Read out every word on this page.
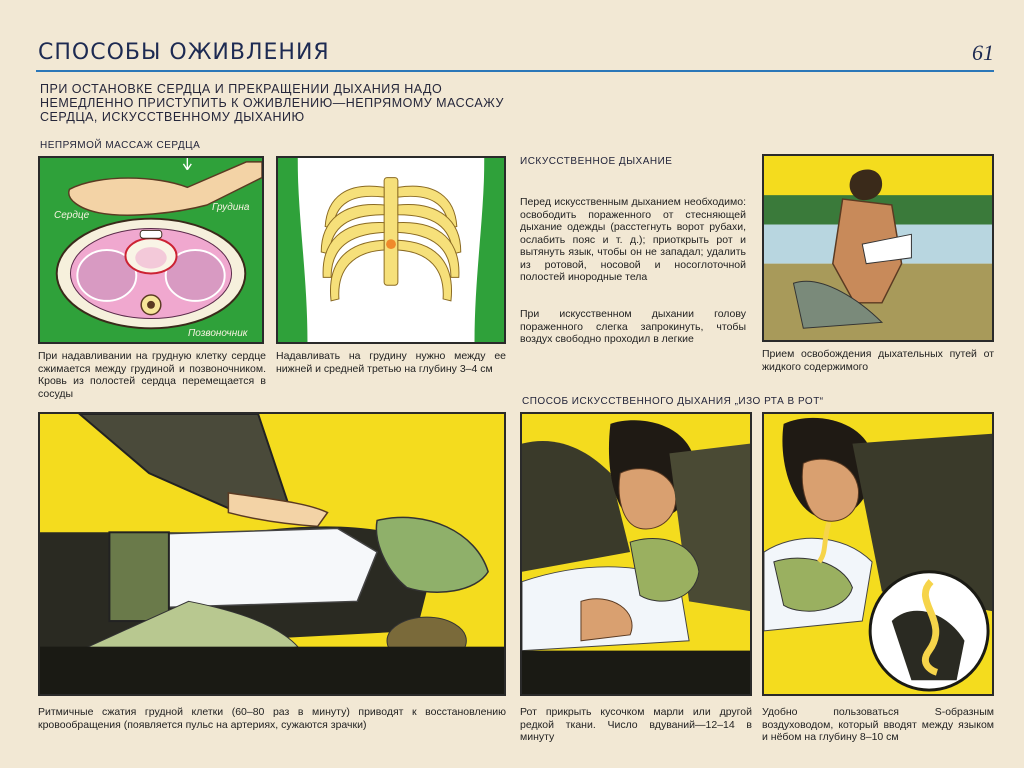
СПОСОБЫ ОЖИВЛЕНИЯ	61
ПРИ ОСТАНОВКЕ СЕРДЦА И ПРЕКРАЩЕНИИ ДЫХАНИЯ НАДО НЕМЕДЛЕННО ПРИСТУПИТЬ К ОЖИВЛЕНИЮ—НЕПРЯМОМУ МАССАЖУ СЕРДЦА, ИСКУССТВЕННОМУ ДЫХАНИЮ
НЕПРЯМОЙ МАССАЖ СЕРДЦА
ИСКУССТВЕННОЕ ДЫХАНИЕ
СПОСОБ ИСКУССТВЕННОГО ДЫХАНИЯ „ИЗО РТА В РОТ“
Сердце
Грудина
Позвоночник
При надавливании на грудную клетку сердце сжимается между грудиной и позвоночником. Кровь из полостей сердца перемещается в сосуды
Надавливать на грудину нужно между ее нижней и средней третью на глубину 3–4 см
Перед искусственным дыханием необходимо: освободить пораженного от стесняющей дыхание одежды (расстегнуть ворот рубахи, ослабить пояс и т. д.); приоткрыть рот и вытянуть язык, чтобы он не западал; удалить из ротовой, носовой и носоглоточной полостей инородные тела
При искусственном дыхании голову пораженного слегка запрокинуть, чтобы воздух свободно проходил в легкие
Прием освобождения дыхательных путей от жидкого содержимого
Ритмичные сжатия грудной клетки (60–80 раз в минуту) приводят к восстановлению кровообращения (появляется пульс на артериях, сужаются зрачки)
Рот прикрыть кусочком марли или другой редкой ткани. Число вдуваний—12–14 в минуту
Удобно пользоваться S-образным воздуховодом, который вводят между языком и нёбом на глубину 8–10 см
